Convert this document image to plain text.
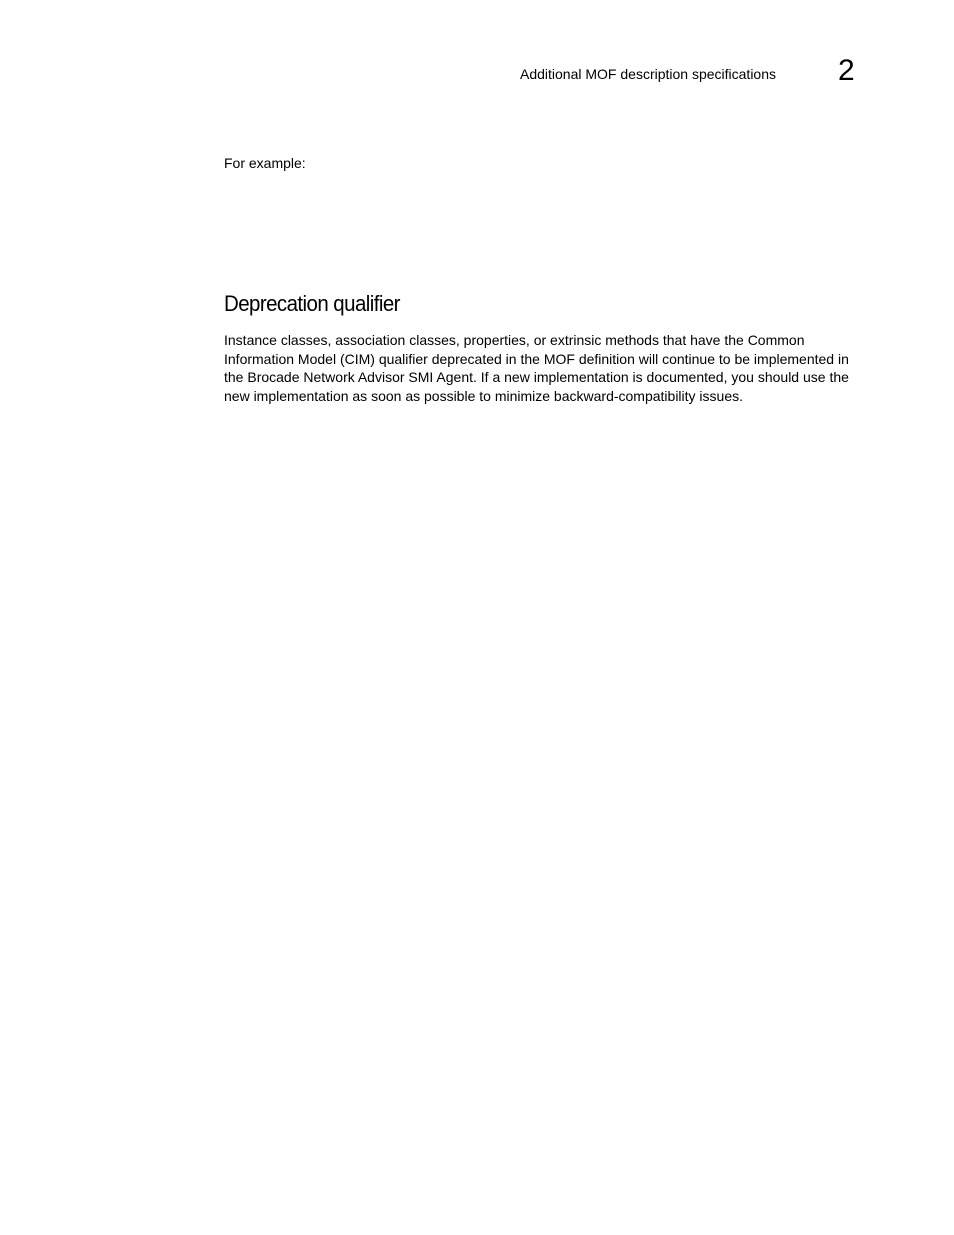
Additional MOF description specifications 2
For example:
Deprecation qualifier

Instance classes, association classes, properties, or extrinsic methods that have the Common Information Model (CIM) qualifier deprecated in the MOF definition will continue to be implemented in the Brocade Network Advisor SMI Agent. If a new implementation is documented, you should use the new implementation as soon as possible to minimize backward-compatibility issues.
